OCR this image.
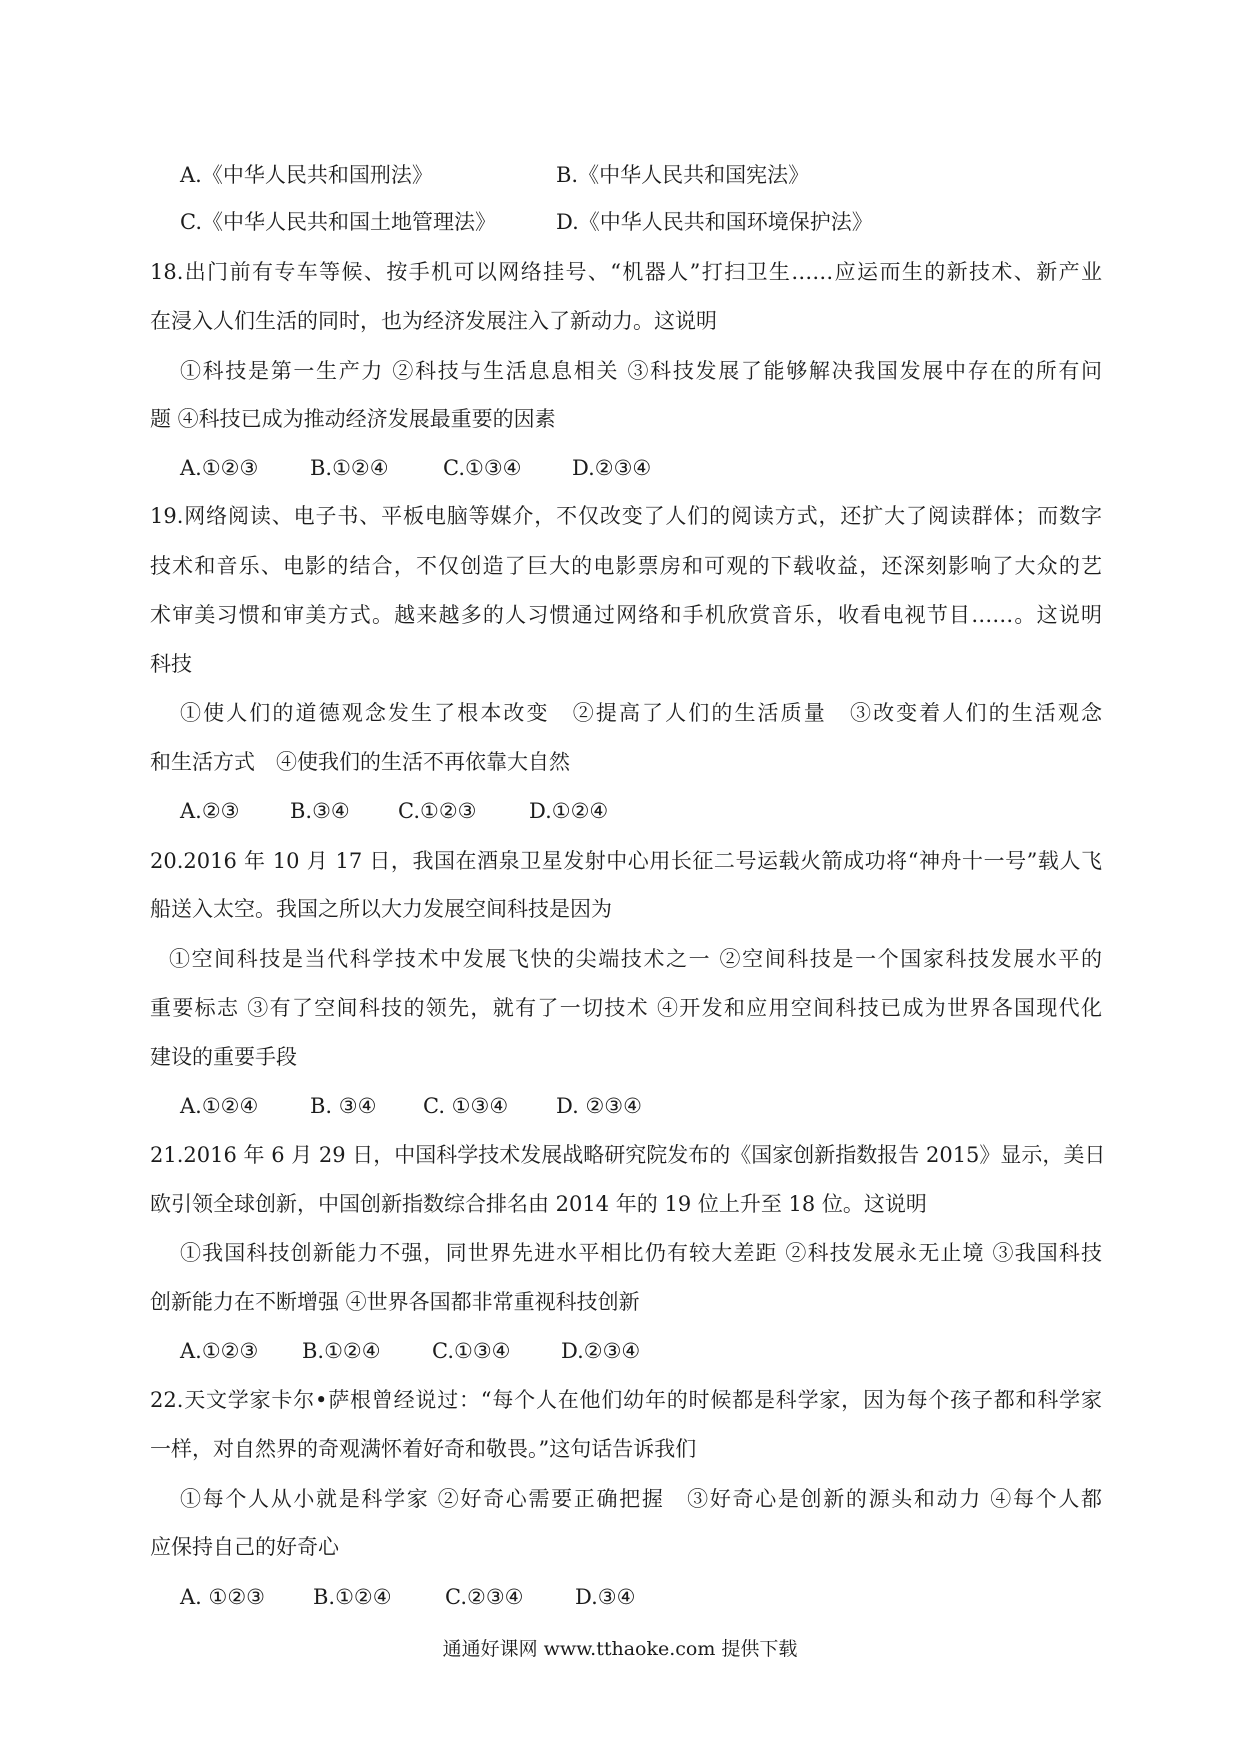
A.《中华人民共和国刑法》	B.《中华人民共和国宪法》
C.《中华人民共和国土地管理法》	D.《中华人民共和国环境保护法》
18.出门前有专车等候、按手机可以网络挂号、“机器人”打扫卫生……应运而生的新技术、新产业
在浸入人们生活的同时，也为经济发展注入了新动力。这说明
①科技是第一生产力 ②科技与生活息息相关 ③科技发展了能够解决我国发展中存在的所有问
题 ④科技已成为推动经济发展最重要的因素
A.①②③ B.①②④	C.①③④ D.②③④
19.网络阅读、电子书、平板电脑等媒介，不仅改变了人们的阅读方式，还扩大了阅读群体；而数字
技术和音乐、电影的结合，不仅创造了巨大的电影票房和可观的下载收益，还深刻影响了大众的艺
术审美习惯和审美方式。越来越多的人习惯通过网络和手机欣赏音乐，收看电视节目……。这说明
科技
①使人们的道德观念发生了根本改变　②提高了人们的生活质量　③改变着人们的生活观念
和生活方式　④使我们的生活不再依靠大自然
A.②③ B.③④ C.①②③	D.①②④
20.2016 年 10 月 17 日，我国在酒泉卫星发射中心用长征二号运载火箭成功将“神舟十一号”载人飞
船送入太空。我国之所以大力发展空间科技是因为
①空间科技是当代科学技术中发展飞快的尖端技术之一 ②空间科技是一个国家科技发展水平的
重要标志 ③有了空间科技的领先，就有了一切技术 ④开发和应用空间科技已成为世界各国现代化
建设的重要手段
A.①②④ B. ③④ C. ①③④ D. ②③④
21.2016 年 6 月 29 日，中国科学技术发展战略研究院发布的《国家创新指数报告 2015》显示，美日
欧引领全球创新，中国创新指数综合排名由 2014 年的 19 位上升至 18 位。这说明
①我国科技创新能力不强，同世界先进水平相比仍有较大差距 ②科技发展永无止境 ③我国科技
创新能力在不断增强 ④世界各国都非常重视科技创新
A.①②③ B.①②④ C.①③④ D.②③④
22.天文学家卡尔•萨根曾经说过：“每个人在他们幼年的时候都是科学家，因为每个孩子都和科学家
一样，对自然界的奇观满怀着好奇和敬畏。”这句话告诉我们
①每个人从小就是科学家 ②好奇心需要正确把握　③好奇心是创新的源头和动力 ④每个人都
应保持自己的好奇心
A. ①②③ B.①②④	C.②③④ D.③④
通通好课网 www.tthaoke.com 提供下载
